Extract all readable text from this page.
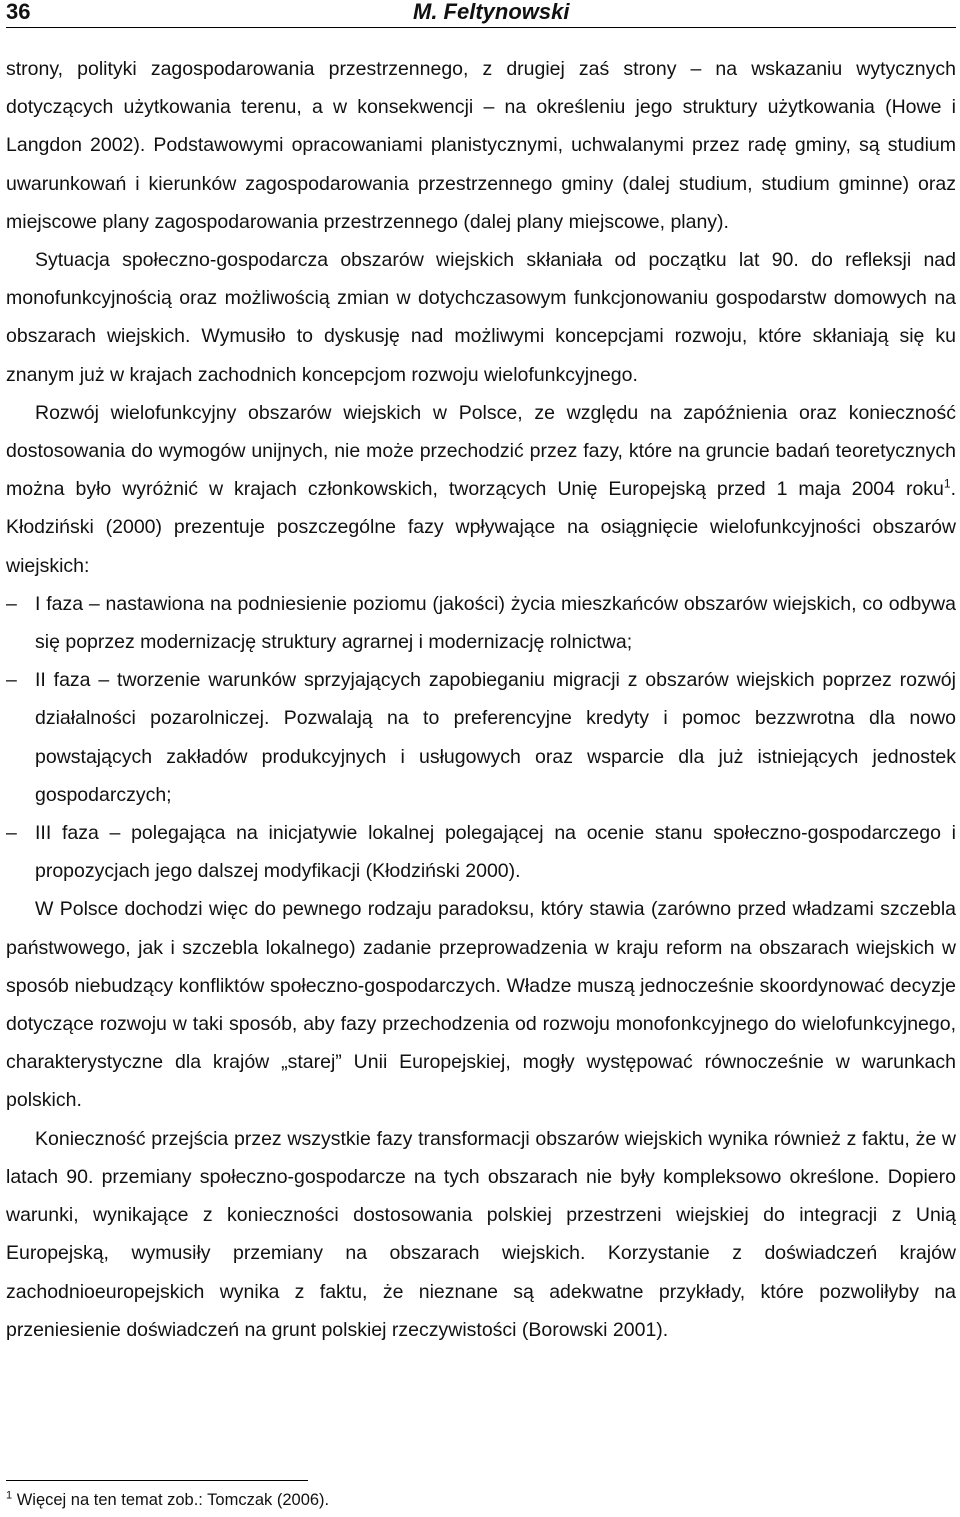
36	M. Feltynowski

strony, polityki zagospodarowania przestrzennego, z drugiej zaś strony – na wskazaniu wytycznych dotyczących użytkowania terenu, a w konsekwencji – na określeniu jego struktury użytkowania (Howe i Langdon 2002). Podstawowymi opracowaniami planistycznymi, uchwalanymi przez radę gminy, są studium uwarunkowań i kierunków zagospodarowania przestrzennego gminy (dalej studium, studium gminne) oraz miejscowe plany zagospodarowania przestrzennego (dalej plany miejscowe, plany).

Sytuacja społeczno-gospodarcza obszarów wiejskich skłaniała od początku lat 90. do refleksji nad monofunkcyjnością oraz możliwością zmian w dotychczasowym funkcjonowaniu gospodarstw domowych na obszarach wiejskich. Wymusiło to dyskusję nad możliwymi koncepcjami rozwoju, które skłaniają się ku znanym już w krajach zachodnich koncepcjom rozwoju wielofunkcyjnego.

Rozwój wielofunkcyjny obszarów wiejskich w Polsce, ze względu na zapóźnienia oraz konieczność dostosowania do wymogów unijnych, nie może przechodzić przez fazy, które na gruncie badań teoretycznych można było wyróżnić w krajach członkowskich, tworzących Unię Europejską przed 1 maja 2004 roku$^1$. Kłodziński (2000) prezentuje poszczególne fazy wpływające na osiągnięcie wielofunkcyjności obszarów wiejskich:

– I faza – nastawiona na podniesienie poziomu (jakości) życia mieszkańców obszarów wiejskich, co odbywa się poprzez modernizację struktury agrarnej i modernizację rolnictwa;
– II faza – tworzenie warunków sprzyjających zapobieganiu migracji z obszarów wiejskich poprzez rozwój działalności pozarolniczej. Pozwalają na to preferencyjne kredyty i pomoc bezzwrotna dla nowo powstających zakładów produkcyjnych i usługowych oraz wsparcie dla już istniejących jednostek gospodarczych;
– III faza – polegająca na inicjatywie lokalnej polegającej na ocenie stanu społeczno-gospodarczego i propozycjach jego dalszej modyfikacji (Kłodziński 2000).

W Polsce dochodzi więc do pewnego rodzaju paradoksu, który stawia (zarówno przed władzami szczebla państwowego, jak i szczebla lokalnego) zadanie przeprowadzenia w kraju reform na obszarach wiejskich w sposób niebudzący konfliktów społeczno-gospodarczych. Władze muszą jednocześnie skoordynować decyzje dotyczące rozwoju w taki sposób, aby fazy przechodzenia od rozwoju monofonkcyjnego do wielofunkcyjnego, charakterystyczne dla krajów „starej” Unii Europejskiej, mogły występować równocześnie w warunkach polskich.

Konieczność przejścia przez wszystkie fazy transformacji obszarów wiejskich wynika również z faktu, że w latach 90. przemiany społeczno-gospodarcze na tych obszarach nie były kompleksowo określone. Dopiero warunki, wynikające z konieczności dostosowania polskiej przestrzeni wiejskiej do integracji z Unią Europejską, wymusiły przemiany na obszarach wiejskich. Korzystanie z doświadczeń krajów zachodnioeuropejskich wynika z faktu, że nieznane są adekwatne przykłady, które pozwoliłyby na przeniesienie doświadczeń na grunt polskiej rzeczywistości (Borowski 2001).

$^1$ Więcej na ten temat zob.: Tomczak (2006).
